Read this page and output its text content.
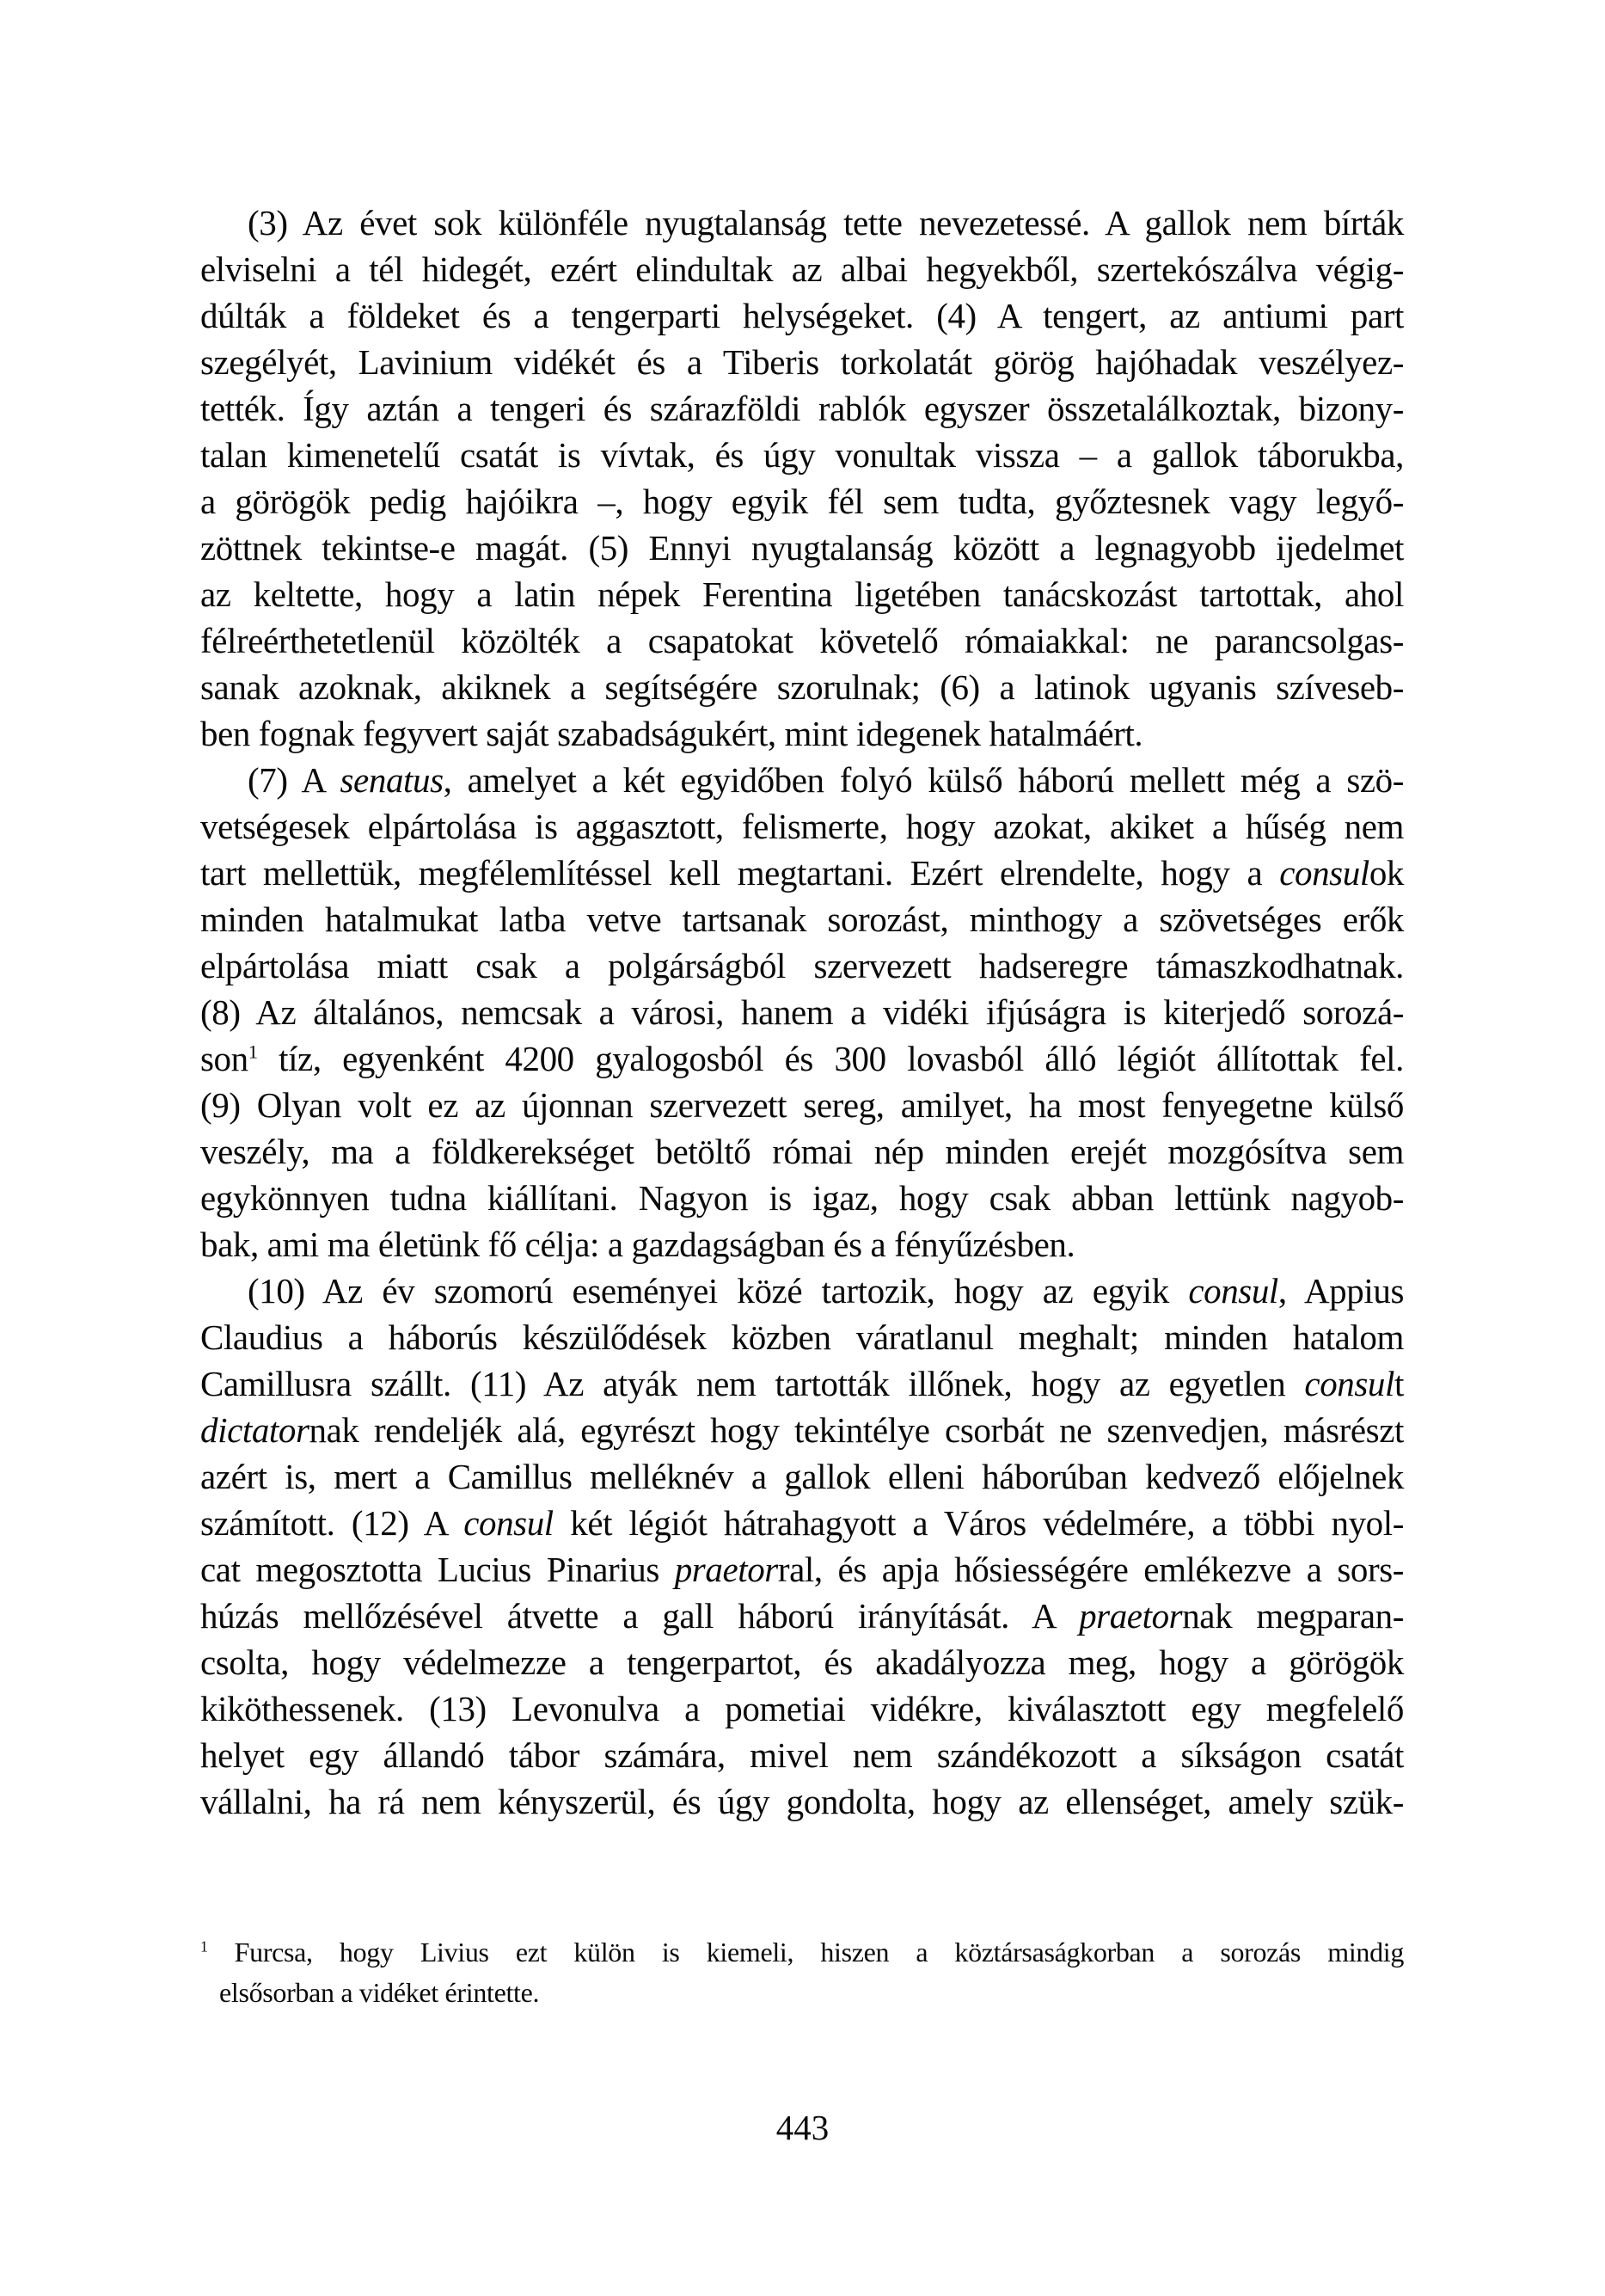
(3) Az évet sok különféle nyugtalanság tette nevezetessé. A gallok nem bírták
elviselni a tél hidegét, ezért elindultak az albai hegyekből, szertekószálva végig-
dúlták a földeket és a tengerparti helységeket. (4) A tengert, az antiumi part
szegélyét, Lavinium vidékét és a Tiberis torkolatát görög hajóhadak veszélyez-
tették. Így aztán a tengeri és szárazföldi rablók egyszer összetalálkoztak, bizony-
talan kimenetelű csatát is vívtak, és úgy vonultak vissza – a gallok táborukba,
a görögök pedig hajóikra –, hogy egyik fél sem tudta, győztesnek vagy legyő-
zöttnek tekintse-e magát. (5) Ennyi nyugtalanság között a legnagyobb ijedelmet
az keltette, hogy a latin népek Ferentina ligetében tanácskozást tartottak, ahol
félreérthetetlenül közölték a csapatokat követelő rómaiakkal: ne parancsolgas-
sanak azoknak, akiknek a segítségére szorulnak; (6) a latinok ugyanis szíveseb-
ben fognak fegyvert saját szabadságukért, mint idegenek hatalmáért.
(7) A senatus, amelyet a két egyidőben folyó külső háború mellett még a szö-
vetségesek elpártolása is aggasztott, felismerte, hogy azokat, akiket a hűség nem
tart mellettük, megfélemlítéssel kell megtartani. Ezért elrendelte, hogy a consulok
minden hatalmukat latba vetve tartsanak sorozást, minthogy a szövetséges erők
elpártolása miatt csak a polgárságból szervezett hadseregre támaszkodhatnak.
(8) Az általános, nemcsak a városi, hanem a vidéki ifjúságra is kiterjedő sorozá-
son$^1$ tíz, egyenként 4200 gyalogosból és 300 lovasból álló légiót állítottak fel.
(9) Olyan volt ez az újonnan szervezett sereg, amilyet, ha most fenyegetne külső
veszély, ma a földkerekséget betöltő római nép minden erejét mozgósítva sem
egykönnyen tudna kiállítani. Nagyon is igaz, hogy csak abban lettünk nagyob-
bak, ami ma életünk fő célja: a gazdagságban és a fényűzésben.
(10) Az év szomorú eseményei közé tartozik, hogy az egyik consul, Appius
Claudius a háborús készülődések közben váratlanul meghalt; minden hatalom
Camillusra szállt. (11) Az atyák nem tartották illőnek, hogy az egyetlen consult
dictatornak rendeljék alá, egyrészt hogy tekintélye csorbát ne szenvedjen, másrészt
azért is, mert a Camillus melléknév a gallok elleni háborúban kedvező előjelnek
számított. (12) A consul két légiót hátrahagyott a Város védelmére, a többi nyol-
cat megosztotta Lucius Pinarius praetorral, és apja hősiességére emlékezve a sors-
húzás mellőzésével átvette a gall háború irányítását. A praetornak megparan-
csolta, hogy védelmezze a tengerpartot, és akadályozza meg, hogy a görögök
kiköthessenek. (13) Levonulva a pometiai vidékre, kiválasztott egy megfelelő
helyet egy állandó tábor számára, mivel nem szándékozott a síkságon csatát
vállalni, ha rá nem kényszerül, és úgy gondolta, hogy az ellenséget, amely szük-
$^1$ Furcsa, hogy Livius ezt külön is kiemeli, hiszen a köztársaságkorban a sorozás mindig
elsősorban a vidéket érintette.
443
